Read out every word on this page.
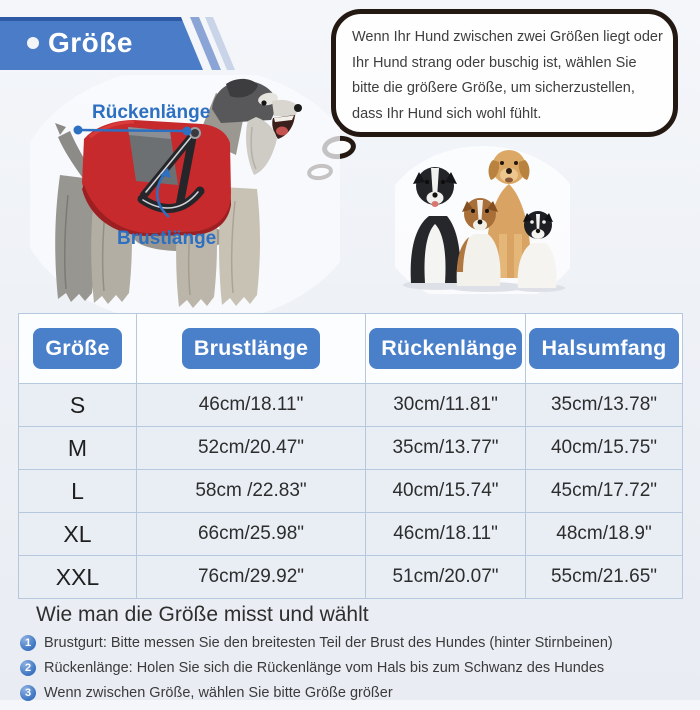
Größe	Wenn Ihr Hund zwischen zwei Größen liegt oder Ihr Hund strang oder buschig ist, wählen Sie bitte die größere Größe, um sicherzustellen, dass Ihr Hund sich wohl fühlt.

Rückenlänge
Brustlänge
Größe	Brustlänge	Rückenlänge	Halsumfang
S	46cm/18.11"	30cm/11.81"	35cm/13.78"
M	52cm/20.47"	35cm/13.77"	40cm/15.75"
L	58cm /22.83"	40cm/15.74"	45cm/17.72"
XL	66cm/25.98"	46cm/18.11"	48cm/18.9"
XXL	76cm/29.92"	51cm/20.07"	55cm/21.65"
Wie man die Größe misst und wählt
1 Brustgurt: Bitte messen Sie den breitesten Teil der Brust des Hundes (hinter Stirnbeinen)
2 Rückenlänge: Holen Sie sich die Rückenlänge vom Hals bis zum Schwanz des Hundes
3 Wenn zwischen Größe, wählen Sie bitte Größe größer
